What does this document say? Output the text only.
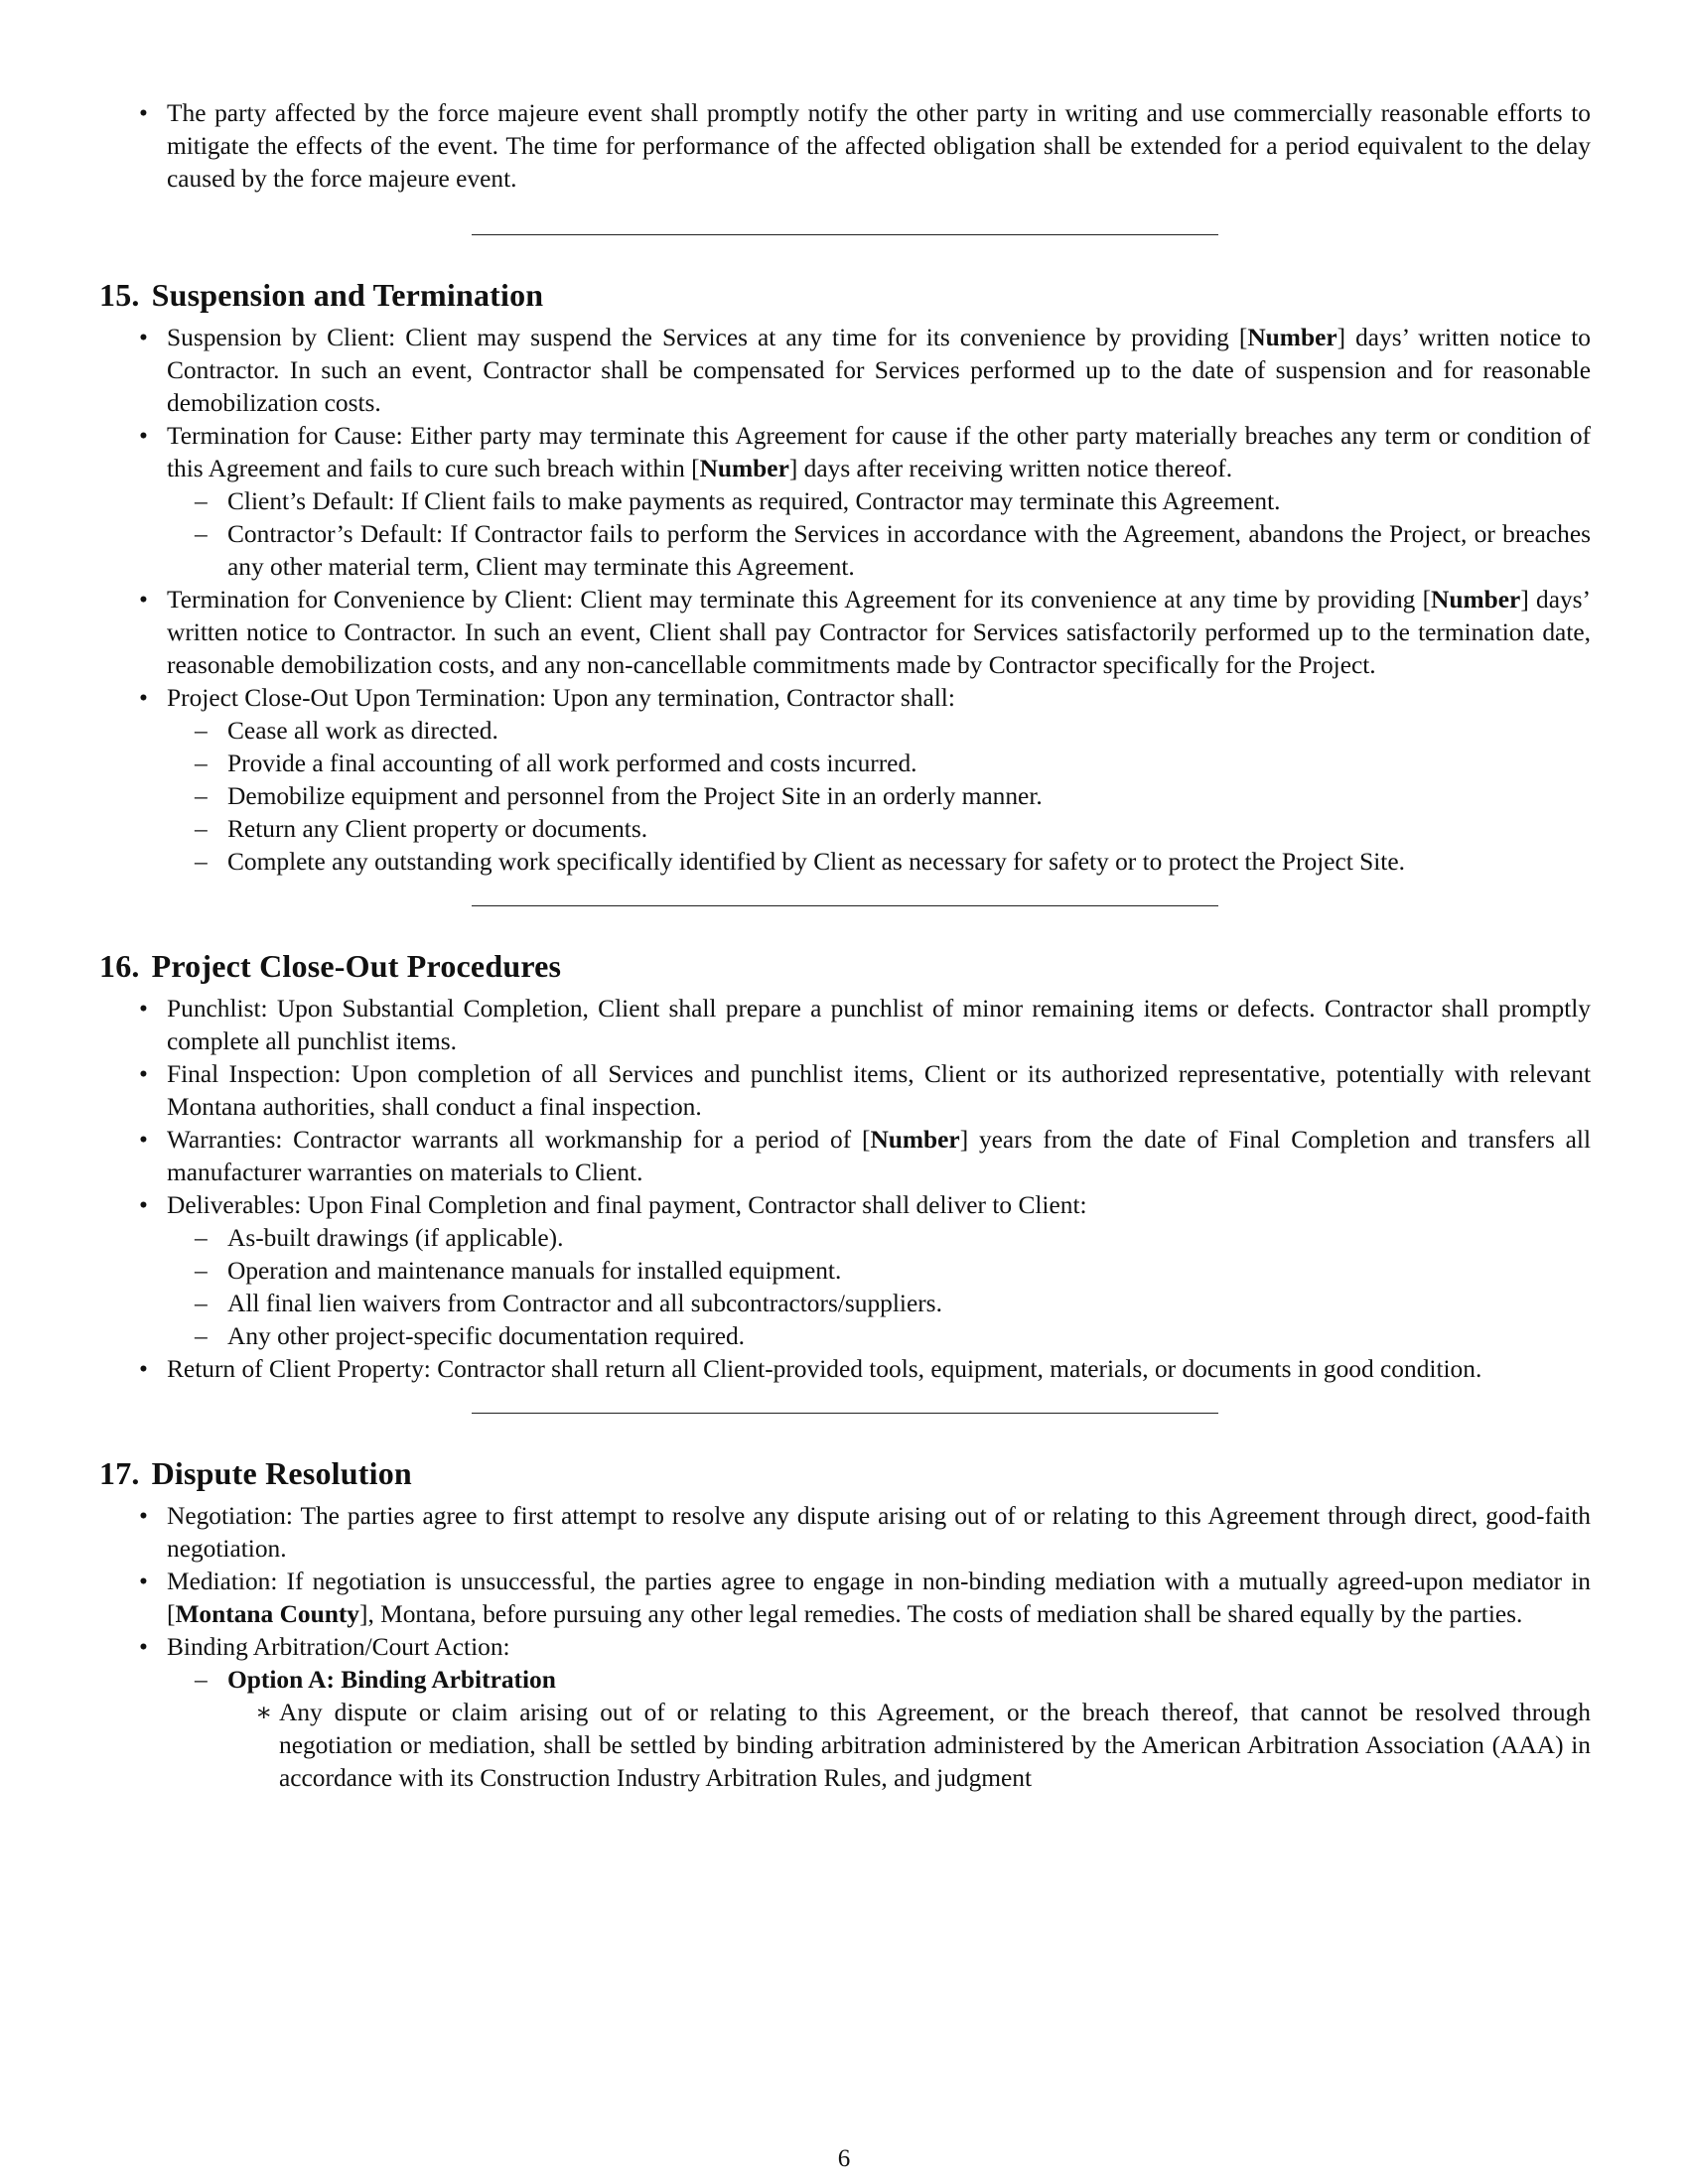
• The party affected by the force majeure event shall promptly notify the other party in writing and use commercially reasonable efforts to mitigate the effects of the event. The time for performance of the affected obligation shall be extended for a period equivalent to the delay caused by the force majeure event.
15. Suspension and Termination
• Suspension by Client: Client may suspend the Services at any time for its convenience by providing [Number] days’ written notice to Contractor. In such an event, Contractor shall be compensated for Services performed up to the date of suspension and for reasonable demobilization costs.
• Termination for Cause: Either party may terminate this Agreement for cause if the other party materially breaches any term or condition of this Agreement and fails to cure such breach within [Number] days after receiving written notice thereof.
– Client’s Default: If Client fails to make payments as required, Contractor may terminate this Agreement.
– Contractor’s Default: If Contractor fails to perform the Services in accordance with the Agreement, abandons the Project, or breaches any other material term, Client may terminate this Agreement.
• Termination for Convenience by Client: Client may terminate this Agreement for its convenience at any time by providing [Number] days’ written notice to Contractor. In such an event, Client shall pay Contractor for Services satisfactorily performed up to the termination date, reasonable demobilization costs, and any non-cancellable commitments made by Contractor specifically for the Project.
• Project Close-Out Upon Termination: Upon any termination, Contractor shall:
– Cease all work as directed.
– Provide a final accounting of all work performed and costs incurred.
– Demobilize equipment and personnel from the Project Site in an orderly manner.
– Return any Client property or documents.
– Complete any outstanding work specifically identified by Client as necessary for safety or to protect the Project Site.
16. Project Close-Out Procedures
• Punchlist: Upon Substantial Completion, Client shall prepare a punchlist of minor remaining items or defects. Contractor shall promptly complete all punchlist items.
• Final Inspection: Upon completion of all Services and punchlist items, Client or its authorized representative, potentially with relevant Montana authorities, shall conduct a final inspection.
• Warranties: Contractor warrants all workmanship for a period of [Number] years from the date of Final Completion and transfers all manufacturer warranties on materials to Client.
• Deliverables: Upon Final Completion and final payment, Contractor shall deliver to Client:
– As-built drawings (if applicable).
– Operation and maintenance manuals for installed equipment.
– All final lien waivers from Contractor and all subcontractors/suppliers.
– Any other project-specific documentation required.
• Return of Client Property: Contractor shall return all Client-provided tools, equipment, materials, or documents in good condition.
17. Dispute Resolution
• Negotiation: The parties agree to first attempt to resolve any dispute arising out of or relating to this Agreement through direct, good-faith negotiation.
• Mediation: If negotiation is unsuccessful, the parties agree to engage in non-binding mediation with a mutually agreed-upon mediator in [Montana County], Montana, before pursuing any other legal remedies. The costs of mediation shall be shared equally by the parties.
• Binding Arbitration/Court Action:
– Option A: Binding Arbitration
∗ Any dispute or claim arising out of or relating to this Agreement, or the breach thereof, that cannot be resolved through negotiation or mediation, shall be settled by binding arbitration administered by the American Arbitration Association (AAA) in accordance with its Construction Industry Arbitration Rules, and judgment
6
